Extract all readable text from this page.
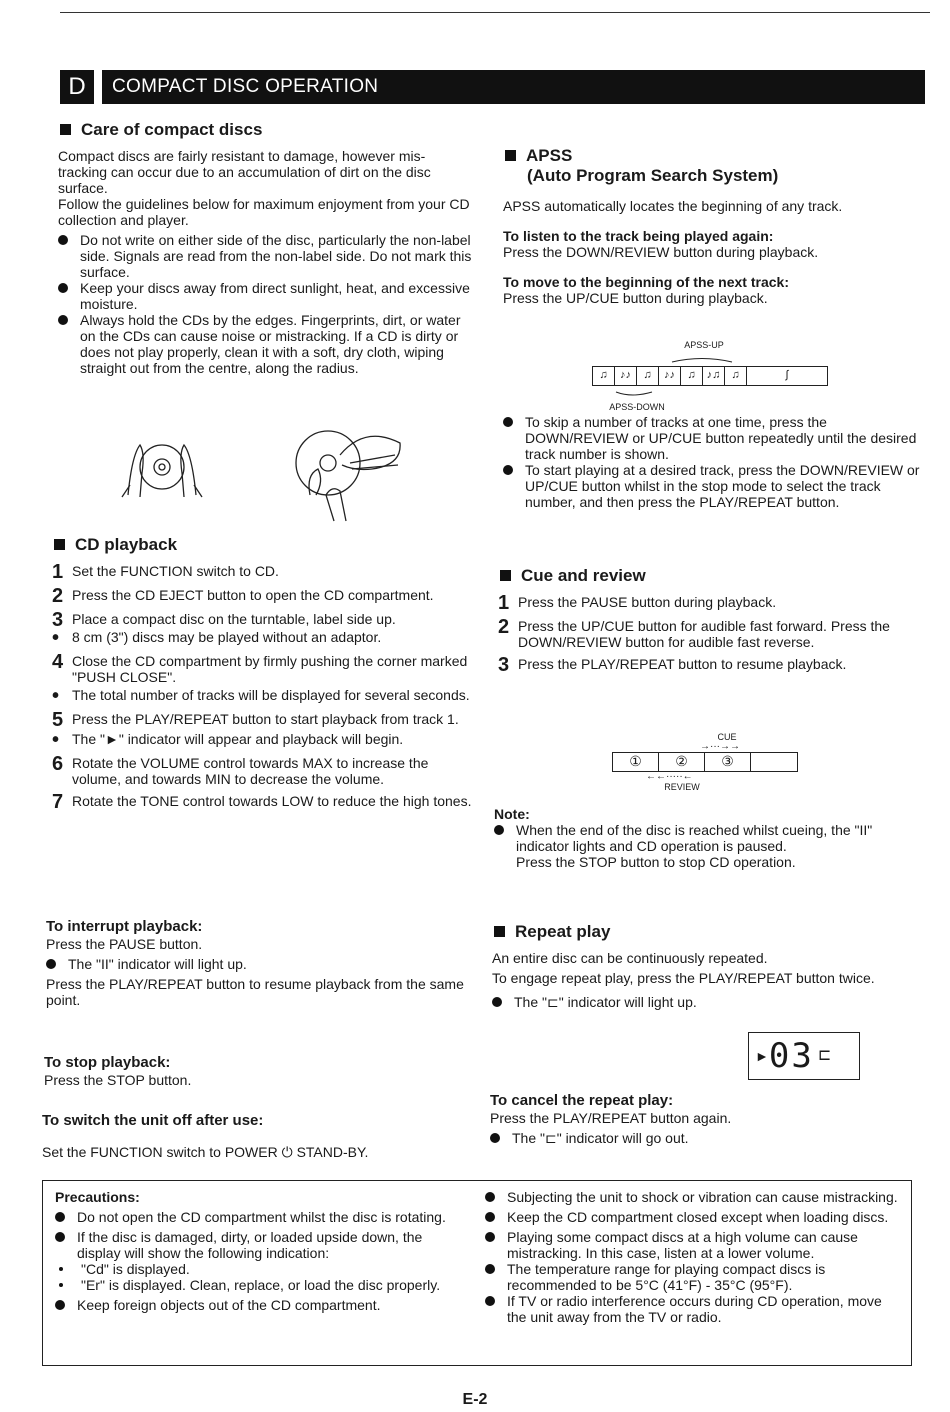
D	COMPACT DISC OPERATION
Care of compact discs

Compact discs are fairly resistant to damage, however mis-tracking can occur due to an accumulation of dirt on the disc surface.

Follow the guidelines below for maximum enjoyment from your CD collection and player.

Do not write on either side of the disc, particularly the non-label side. Signals are read from the non-label side. Do not mark this surface.
Keep your discs away from direct sunlight, heat, and excessive moisture.
Always hold the CDs by the edges. Fingerprints, dirt, or water on the CDs can cause noise or mistracking. If a CD is dirty or does not play properly, clean it with a soft, dry cloth, wiping straight out from the centre, along the radius.
CD playback
1 Set the FUNCTION switch to CD.
2 Press the CD EJECT button to open the CD compartment.
3 Place a compact disc on the turntable, label side up.
• 8 cm (3") discs may be played without an adaptor.
4 Close the CD compartment by firmly pushing the corner marked "PUSH CLOSE".
• The total number of tracks will be displayed for several seconds.
5 Press the PLAY/REPEAT button to start playback from track 1.
• The "►" indicator will appear and playback will begin.
6 Rotate the VOLUME control towards MAX to increase the volume, and towards MIN to decrease the volume.
7 Rotate the TONE control towards LOW to reduce the high tones.

To interrupt playback:

Press the PAUSE button.

The "II" indicator will light up.

Press the PLAY/REPEAT button to resume playback from the same point.

To stop playback:

Press the STOP button.

To switch the unit off after use:

Set the FUNCTION switch to POWER ⏻ STAND-BY.

APSS
(Auto Program Search System)

APSS automatically locates the beginning of any track.

To listen to the track being played again:

Press the DOWN/REVIEW button during playback.

To move to the beginning of the next track:

Press the UP/CUE button during playback.

APSS-UP
♫	♪♪	♫	♪♪	♫	♪♫	♫	∫
APSS-DOWN
To skip a number of tracks at one time, press the DOWN/REVIEW or UP/CUE button repeatedly until the desired track number is shown.
To start playing at a desired track, press the DOWN/REVIEW or UP/CUE button whilst in the stop mode to select the track number, and then press the PLAY/REPEAT button.
Cue and review
1 Press the PAUSE button during playback.
2 Press the UP/CUE button for audible fast forward. Press the DOWN/REVIEW button for audible fast reverse.
3 Press the PLAY/REPEAT button to resume playback.
CUE
→···→→
①	②	③
←←·····←
REVIEW

Note:

When the end of the disc is reached whilst cueing, the "II" indicator lights and CD operation is paused.
Press the STOP button to stop CD operation.
Repeat play

An entire disc can be continuously repeated.

To engage repeat play, press the PLAY/REPEAT button twice.

The "⊏" indicator will light up.
► 03 ⊏

To cancel the repeat play:

Press the PLAY/REPEAT button again.

The "⊏" indicator will go out.

Precautions:

Do not open the CD compartment whilst the disc is rotating.
If the disc is damaged, dirty, or loaded upside down, the display will show the following indication:
"Cd" is displayed.
"Er" is displayed. Clean, replace, or load the disc properly.
Keep foreign objects out of the CD compartment.
Subjecting the unit to shock or vibration can cause mistracking.
Keep the CD compartment closed except when loading discs.
Playing some compact discs at a high volume can cause mistracking. In this case, listen at a lower volume.
The temperature range for playing compact discs is recommended to be 5°C (41°F) - 35°C (95°F).
If TV or radio interference occurs during CD operation, move the unit away from the TV or radio.
E-2
